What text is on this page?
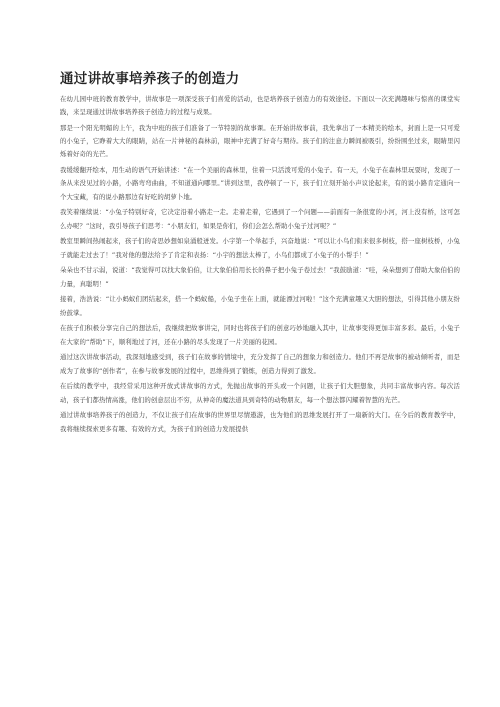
通过讲故事培养孩子的创造力

在幼儿园中班的教育教学中，讲故事是一项深受孩子们喜爱的活动，也是培养孩子创造力的有效途径。下面以一次充满趣味与惊喜的课堂实践，来呈现通过讲故事培养孩子创造力的过程与成果。

那是一个阳光明媚的上午，我为中班的孩子们准备了一节特别的故事课。在开始讲故事前，我先拿出了一本精美的绘本，封面上是一只可爱的小兔子，它睁着大大的眼睛，站在一片神秘的森林前，眼神中充满了好奇与期待。孩子们的注意力瞬间被吸引，纷纷围坐过来，眼睛里闪烁着好奇的光芒。

我缓缓翻开绘本，用生动的语气开始讲述：“在一个美丽的森林里，住着一只活泼可爱的小兔子。有一天，小兔子在森林里玩耍时，发现了一条从来没见过的小路，小路弯弯曲曲，不知道通向哪里。”讲到这里，我停顿了一下，孩子们立刻开始小声议论起来，有的说小路肯定通向一个大宝藏，有的说小路那边有好吃的胡萝卜地。

我笑着继续说：“小兔子特别好奇，它决定沿着小路走一走。走着走着，它遇到了一个问题——前面有一条很宽的小河，河上没有桥，这可怎么办呢？”这时，我引导孩子们思考：“小朋友们，如果是你们，你们会怎么帮助小兔子过河呢？”

教室里瞬间热闹起来，孩子们的奇思妙想如泉涌般迸发。小宇第一个举起手，兴奋地说：“可以让小鸟们衔来很多树枝，搭一座树枝桥，小兔子就能走过去了！”我对他的想法给予了肯定和表扬：“小宇的想法太棒了，小鸟们都成了小兔子的小帮手！”

朵朵也不甘示弱，说道：“我觉得可以找大象伯伯，让大象伯伯用长长的鼻子把小兔子卷过去！”我鼓励道：“哇，朵朵想到了借助大象伯伯的力量，真聪明！”

接着，浩浩说：“让小蚂蚁们团结起来，搭一个蚂蚁船，小兔子坐在上面，就能漂过河啦！”这个充满童趣又大胆的想法，引得其他小朋友纷纷鼓掌。

在孩子们积极分享完自己的想法后，我继续把故事讲完，同时也将孩子们的创意巧妙地融入其中，让故事变得更加丰富多彩。最后，小兔子在大家的“帮助”下，顺利地过了河，还在小路的尽头发现了一片美丽的花园。

通过这次讲故事活动，我深刻地感受到，孩子们在故事的情境中，充分发挥了自己的想象力和创造力。他们不再是故事的被动倾听者，而是成为了故事的“创作者”，在参与故事发展的过程中，思维得到了锻炼，创造力得到了激发。

在后续的教学中，我经常采用这种开放式讲故事的方式，先抛出故事的开头或一个问题，让孩子们大胆想象，共同丰富故事内容。每次活动，孩子们都热情高涨，他们的创意层出不穷，从神奇的魔法道具到奇特的动物朋友，每一个想法都闪耀着智慧的光芒。

通过讲故事培养孩子的创造力，不仅让孩子们在故事的世界里尽情遨游，也为他们的思维发展打开了一扇新的大门。在今后的教育教学中，我将继续探索更多有趣、有效的方式，为孩子们的创造力发展提供
